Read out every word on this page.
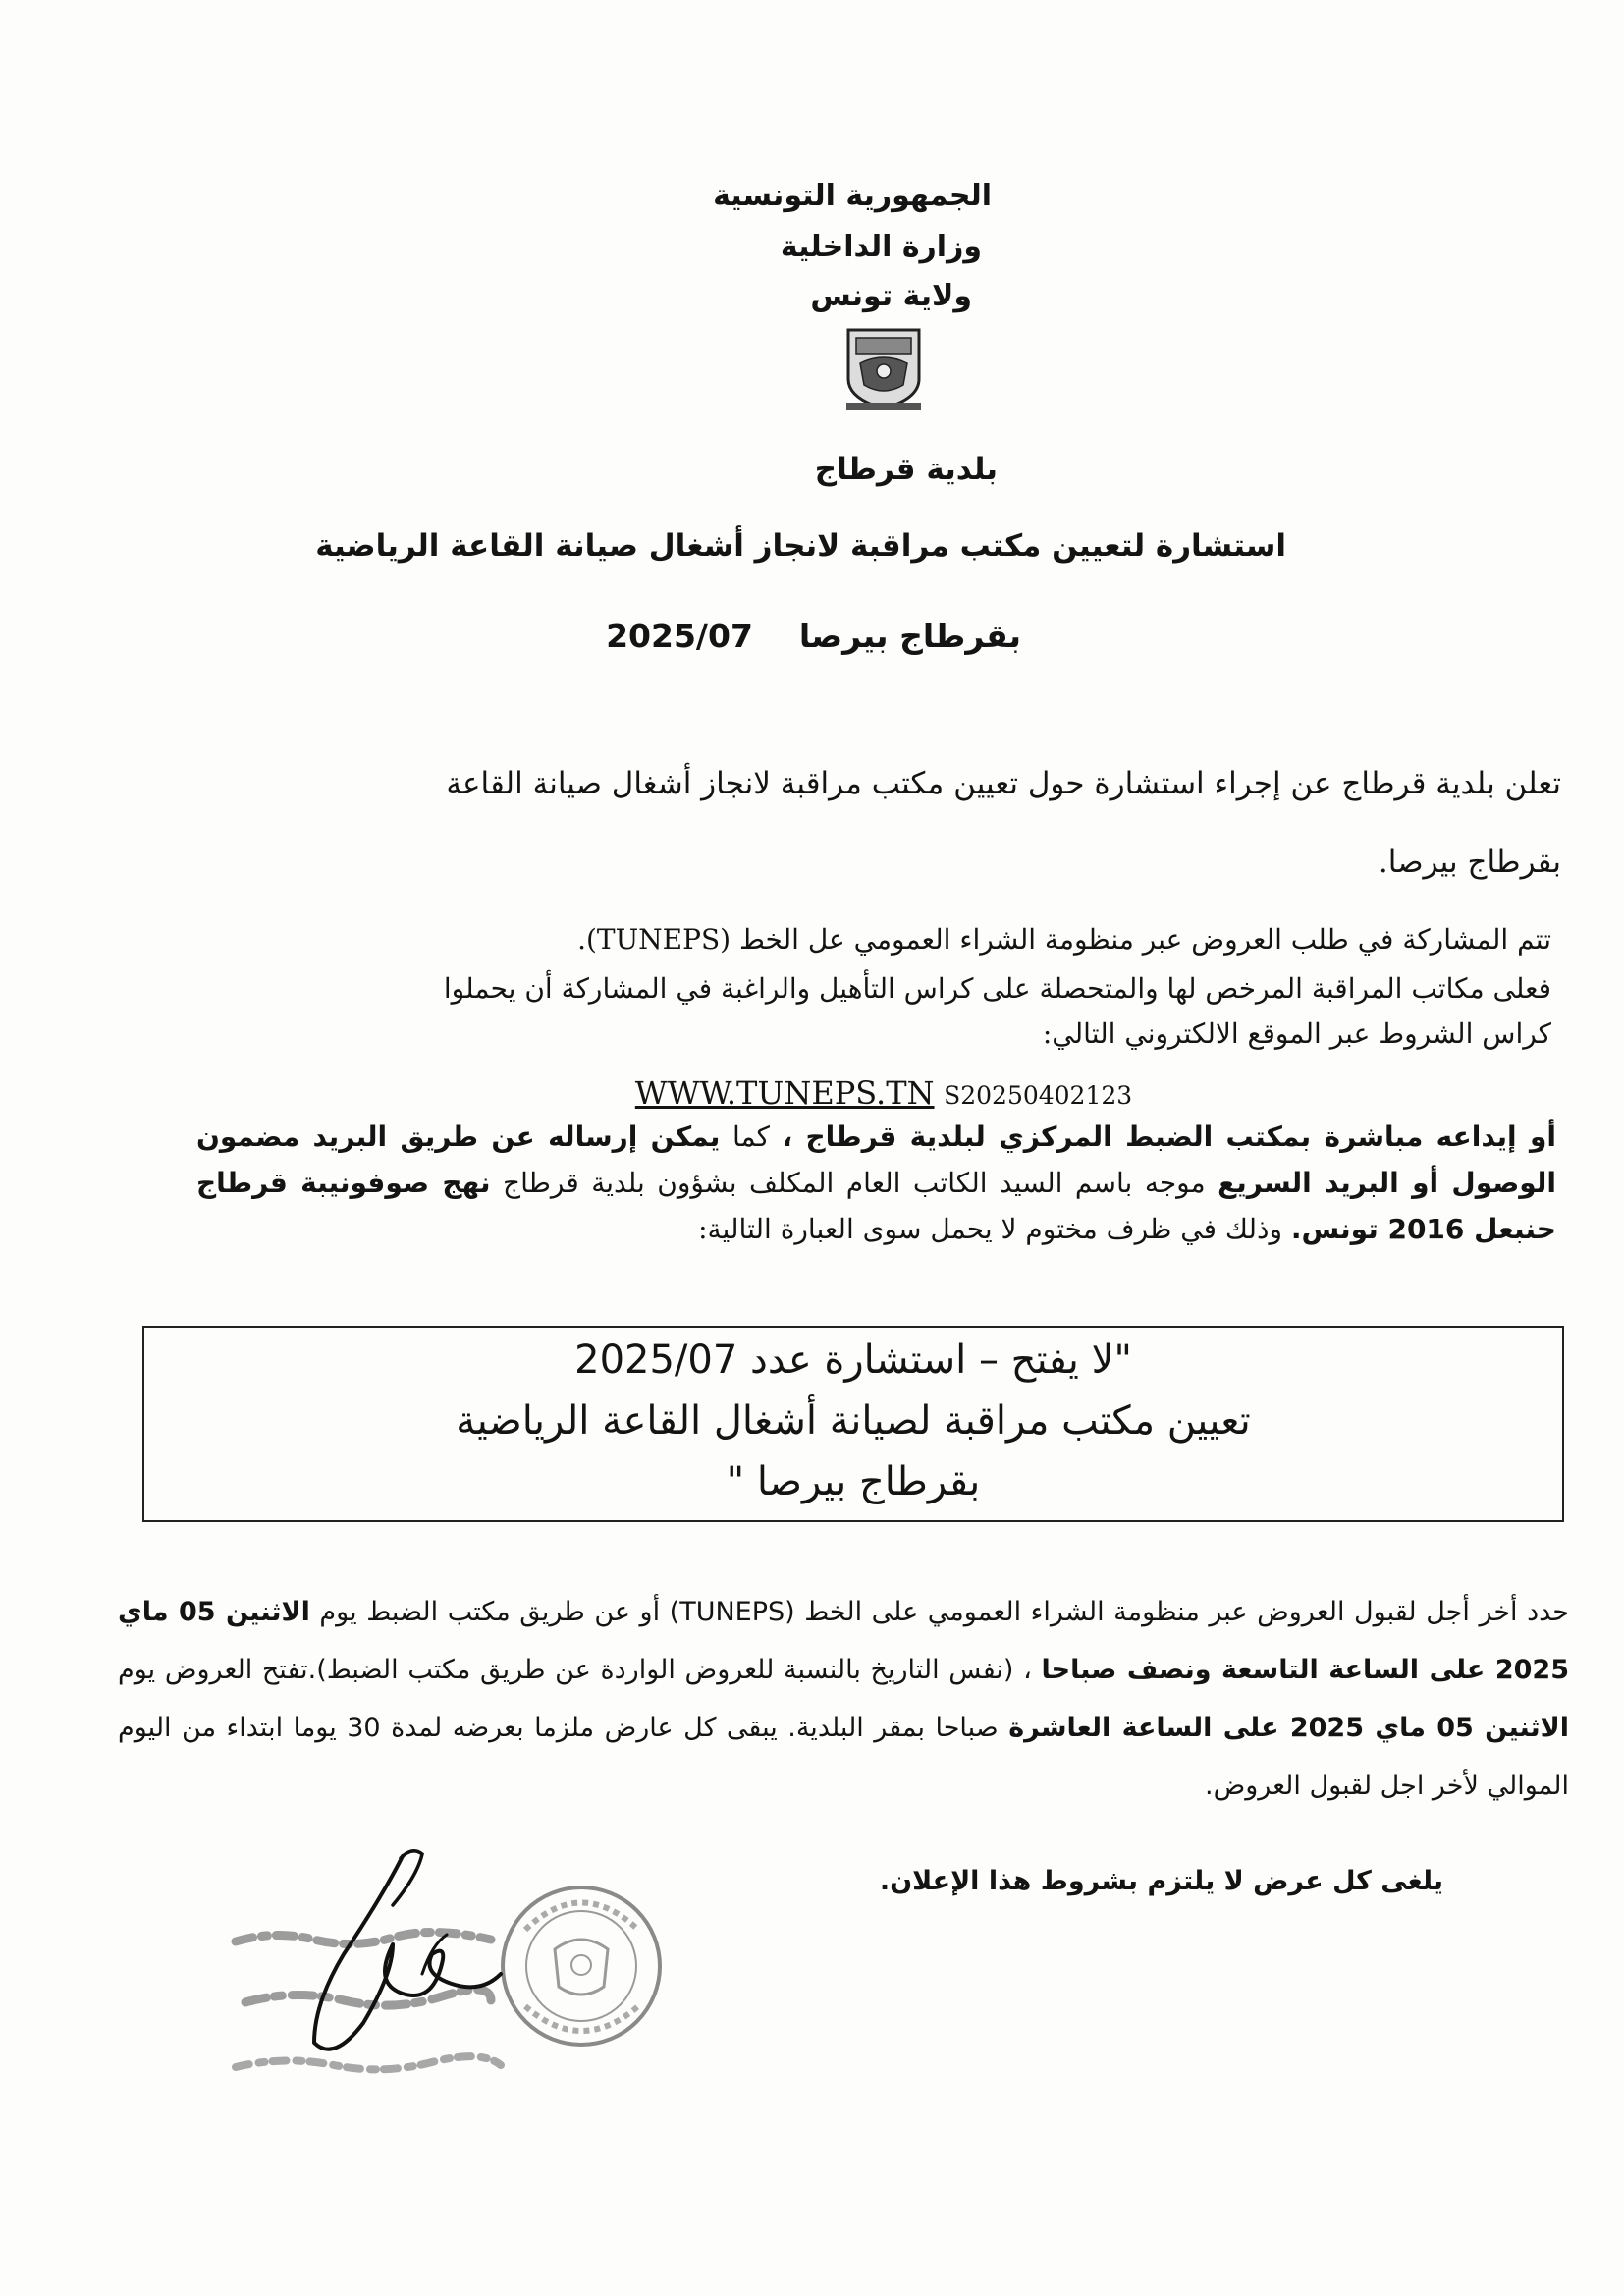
الجمهورية التونسية
وزارة الداخلية
ولاية تونس
بلدية قرطاج
استشارة لتعيين مكتب مراقبة لانجاز أشغال صيانة القاعة الرياضية
بقرطاج بيرصا  2025/07
تعلن بلدية قرطاج عن إجراء استشارة حول تعيين مكتب مراقبة لانجاز أشغال صيانة القاعة
بقرطاج بيرصا.
تتم المشاركة في طلب العروض عبر منظومة الشراء العمومي عل الخط (TUNEPS).
فعلى مكاتب المراقبة المرخص لها والمتحصلة على كراس التأهيل والراغبة في المشاركة أن يحملوا
كراس الشروط عبر الموقع الالكتروني التالي:
WWW.TUNEPS.TN S20250402123
أو إيداعه مباشرة بمكتب الضبط المركزي لبلدية قرطاج ، كما يمكن إرساله عن طريق البريد مضمون الوصول أو البريد السريع موجه باسم السيد الكاتب العام المكلف بشؤون بلدية قرطاج نهج صوفونيبة قرطاج حنبعل 2016 تونس. وذلك في ظرف مختوم لا يحمل سوى العبارة التالية:
"لا يفتح – استشارة عدد 2025/07
تعيين مكتب مراقبة لصيانة أشغال القاعة الرياضية
بقرطاج بيرصا "
حدد أخر أجل لقبول العروض عبر منظومة الشراء العمومي على الخط (TUNEPS) أو عن طريق مكتب الضبط يوم الاثنين 05 ماي 2025 على الساعة التاسعة ونصف صباحا ، (نفس التاريخ بالنسبة للعروض الواردة عن طريق مكتب الضبط).تفتح العروض يوم الاثنين 05 ماي 2025 على الساعة العاشرة صباحا بمقر البلدية. يبقى كل عارض ملزما بعرضه لمدة 30 يوما ابتداء من اليوم الموالي لأخر اجل لقبول العروض.
يلغى كل عرض لا يلتزم بشروط هذا الإعلان.
